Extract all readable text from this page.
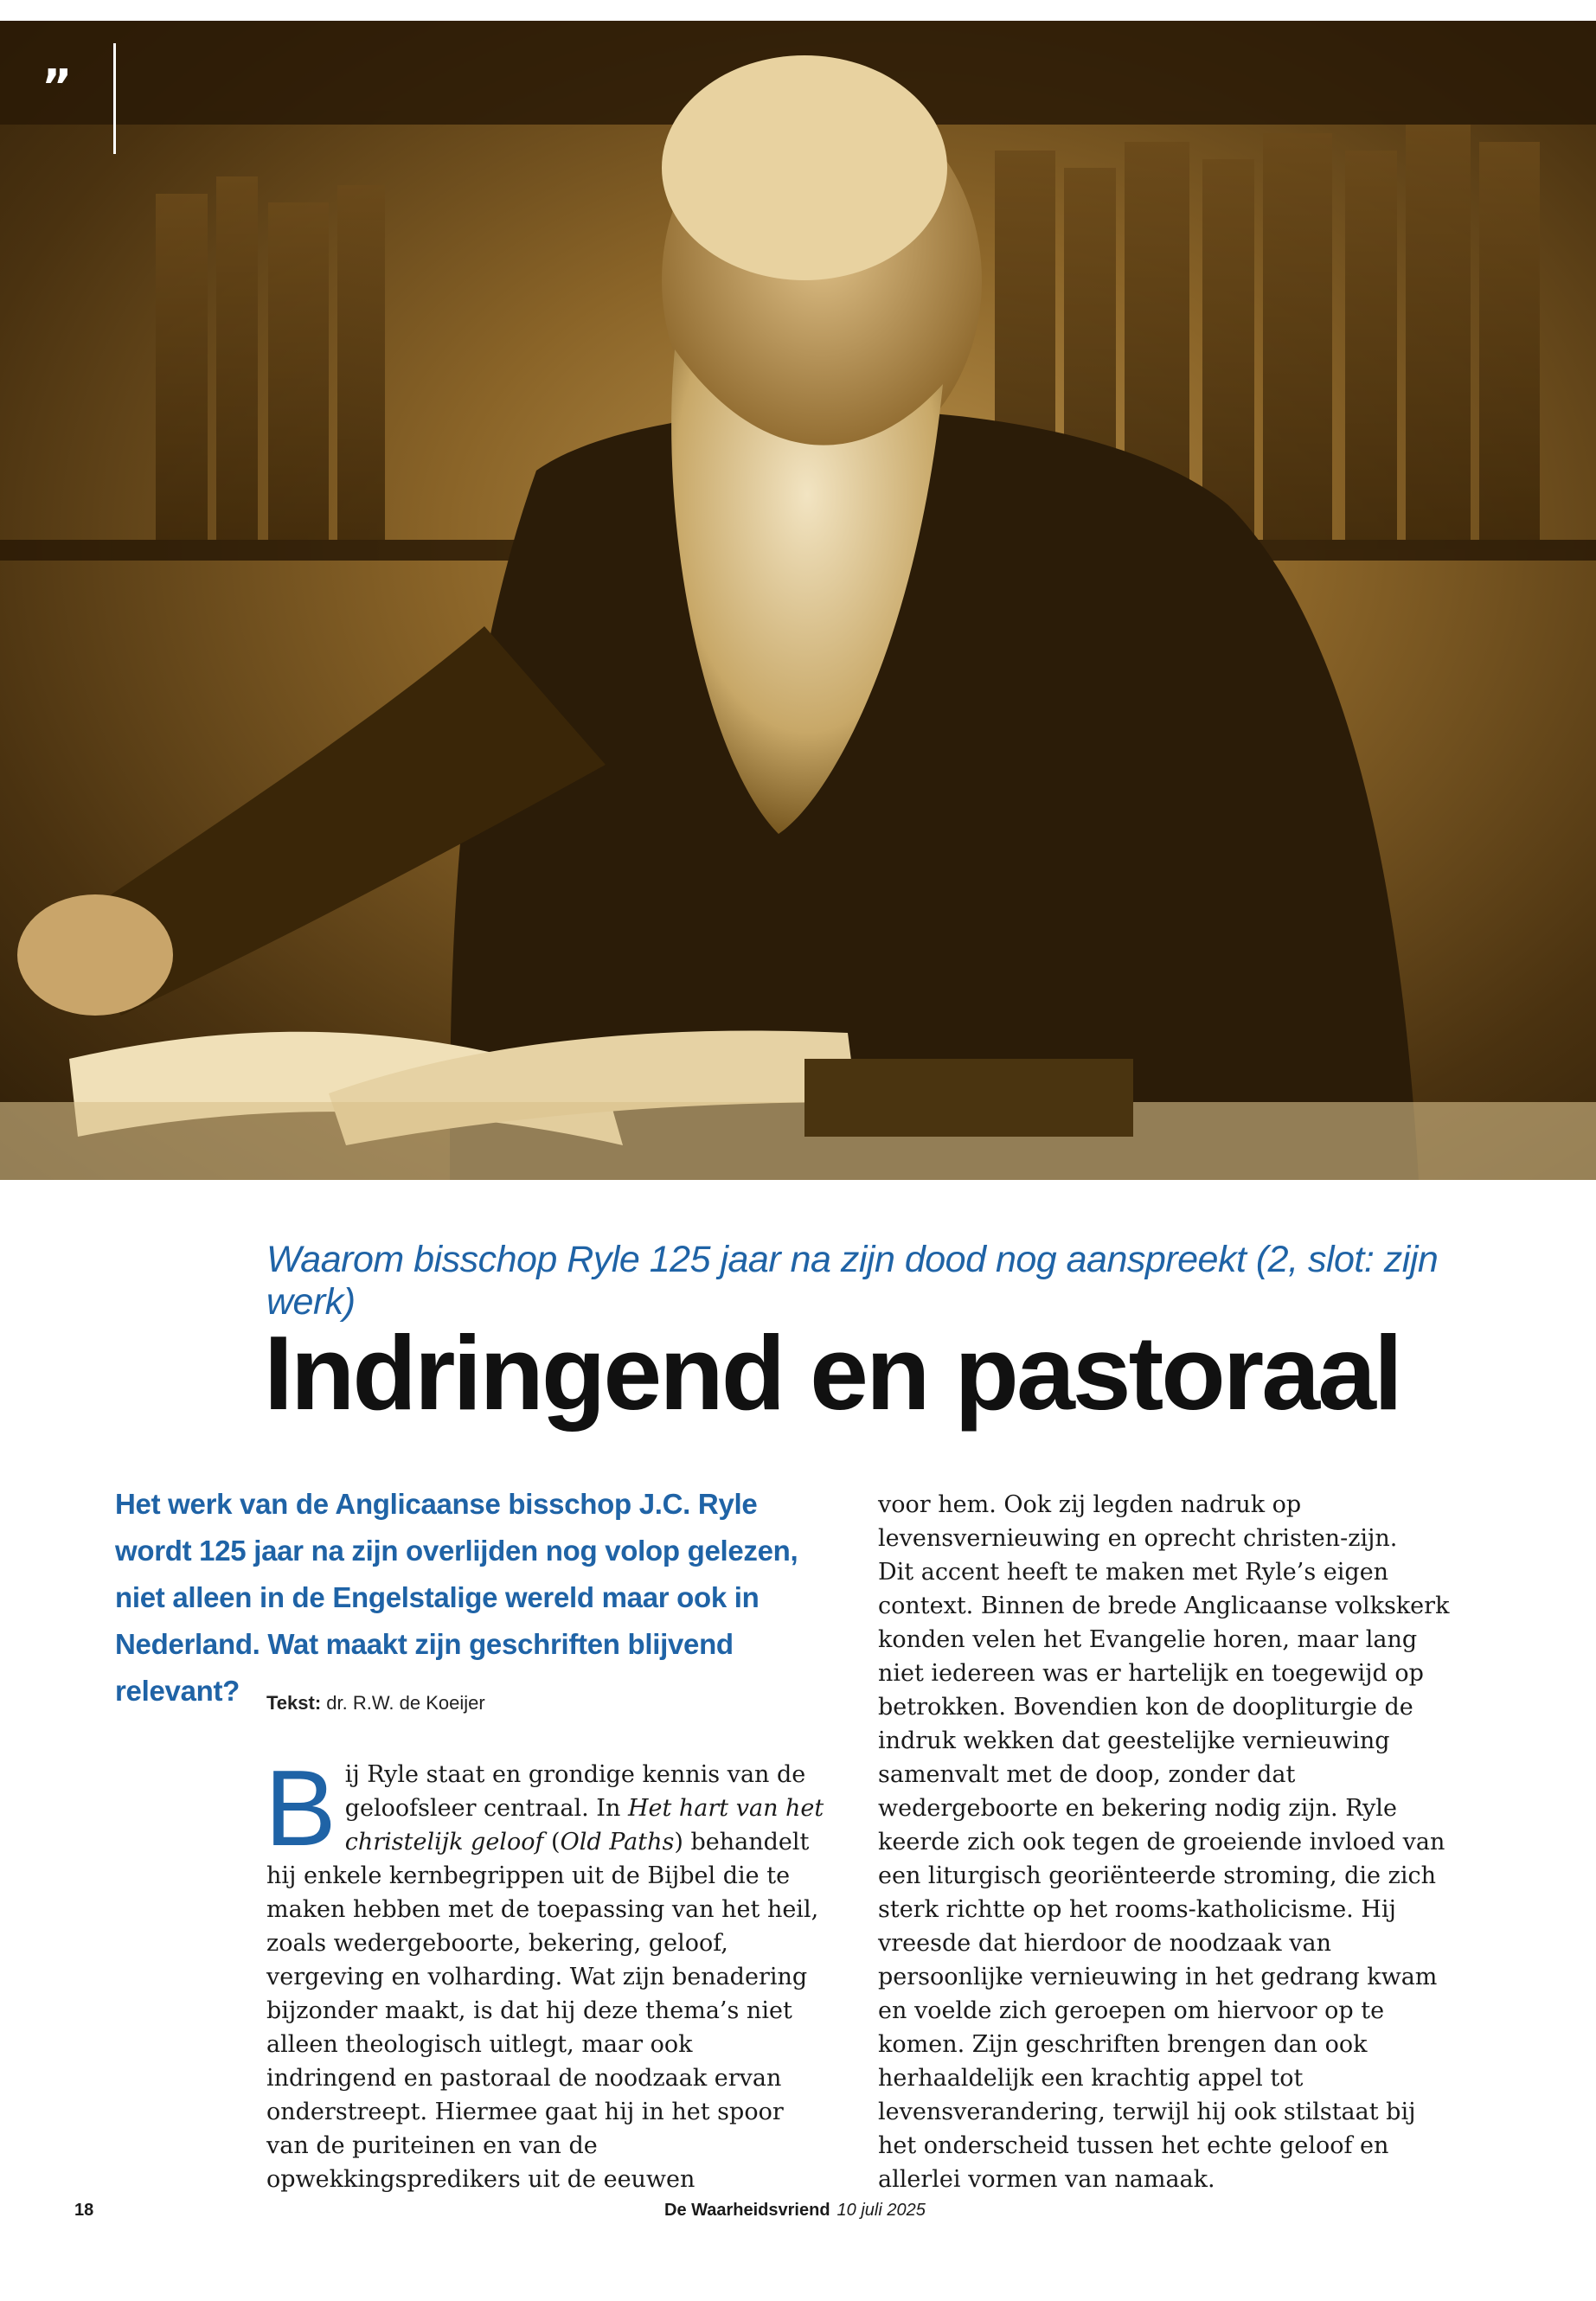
”
Waarom bisschop Ryle 125 jaar na zijn dood nog aanspreekt (2, slot: zijn werk)
Indringend en pastoraal
Het werk van de Anglicaanse bisschop J.C. Ryle wordt 125 jaar na zijn overlijden nog volop gelezen, niet alleen in de Engelstalige wereld maar ook in Nederland. Wat maakt zijn geschriften blijvend relevant?	Tekst: dr. R.W. de Koeijer

Bij Ryle staat en grondige kennis van de geloofsleer centraal. In Het hart van het christelijk geloof (Old Paths) behandelt hij enkele kernbegrippen uit de Bijbel die te maken hebben met de toepassing van het heil, zoals wedergeboorte, bekering, geloof, vergeving en volharding. Wat zijn benadering bijzonder maakt, is dat hij deze thema’s niet alleen theologisch uitlegt, maar ook indringend en pastoraal de noodzaak ervan onderstreept. Hiermee gaat hij in het spoor van de puriteinen en van de opwekkingspredikers uit de eeuwen

voor hem. Ook zij legden nadruk op levensvernieuwing en oprecht christen-zijn.

Dit accent heeft te maken met Ryle’s eigen context. Binnen de brede Anglicaanse volkskerk konden velen het Evangelie horen, maar lang niet iedereen was er hartelijk en toegewijd op betrokken. Bovendien kon de doopliturgie de indruk wekken dat geestelijke vernieuwing samenvalt met de doop, zonder dat wedergeboorte en bekering nodig zijn. Ryle keerde zich ook tegen de groeiende invloed van een liturgisch georiënteerde stroming, die zich sterk richtte op het rooms-katholicisme. Hij vreesde dat hierdoor de noodzaak van persoonlijke vernieuwing in het gedrang kwam en voelde zich geroepen om hiervoor op te komen. Zijn geschriften brengen dan ook herhaaldelijk een krachtig appel tot levensverandering, terwijl hij ook stilstaat bij het onderscheid tussen het echte geloof en allerlei vormen van namaak.

18	De Waarheidsvriend 10 juli 2025
